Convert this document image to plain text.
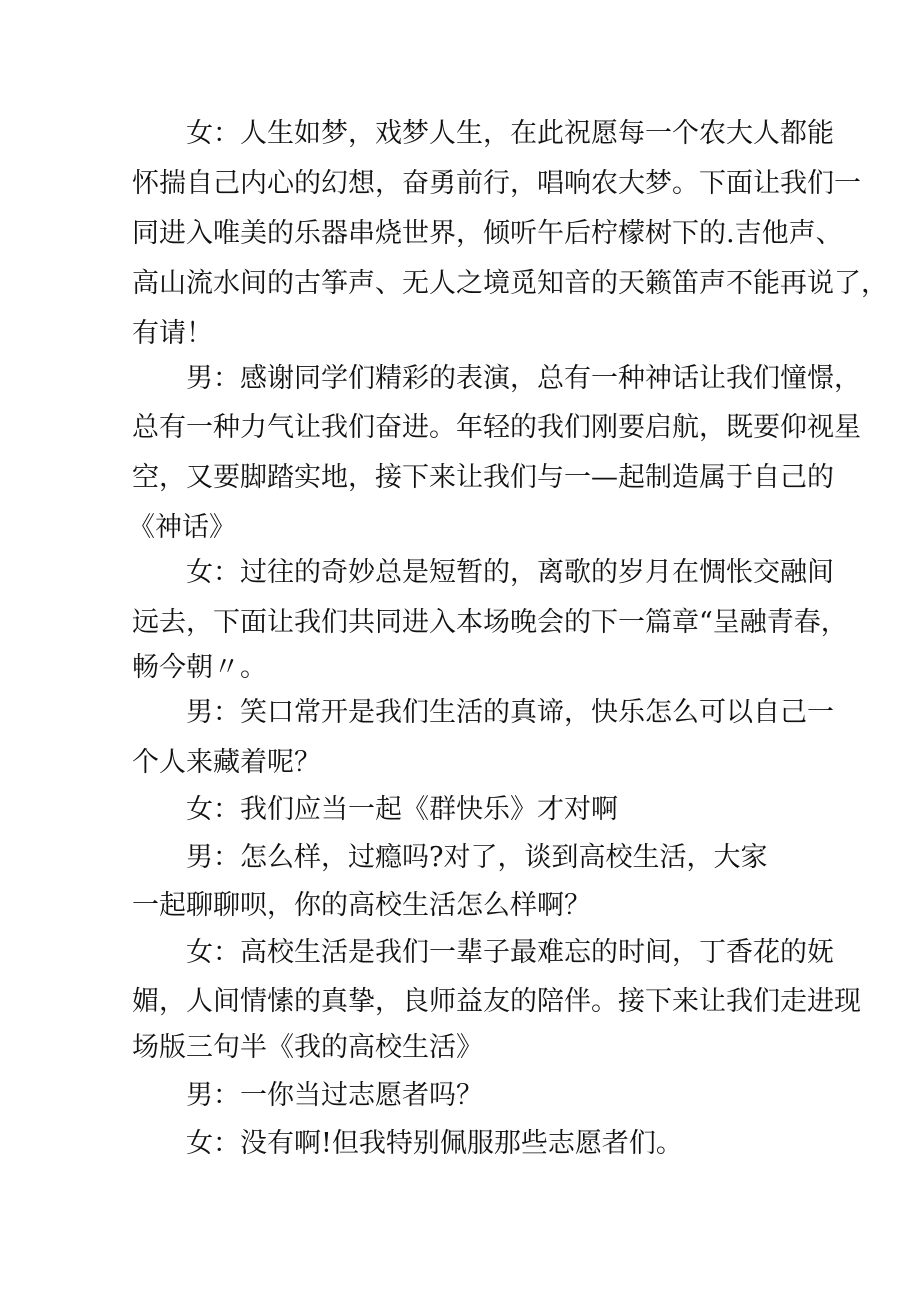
女：人生如梦，戏梦人生，在此祝愿每一个农大人都能
怀揣自己内心的幻想，奋勇前行，唱响农大梦。下面让我们一
同进入唯美的乐器串烧世界，倾听午后柠檬树下的.吉他声、
高山流水间的古筝声、无人之境觅知音的天籁笛声不能再说了，
有请！
男：感谢同学们精彩的表演，总有一种神话让我们憧憬，
总有一种力气让我们奋进。年轻的我们刚要启航，既要仰视星
空，又要脚踏实地，接下来让我们与一—起制造属于自己的
《神话》
女：过往的奇妙总是短暂的，离歌的岁月在惆怅交融间
远去，下面让我们共同进入本场晚会的下一篇章“呈融青春，
畅今朝〃。
男：笑口常开是我们生活的真谛，快乐怎么可以自己一
个人来藏着呢？
女：我们应当一起《群快乐》才对啊
男：怎么样，过瘾吗?对了，谈到高校生活，大家
一起聊聊呗，你的高校生活怎么样啊？
女：高校生活是我们一辈子最难忘的时间，丁香花的妩
媚，人间情愫的真挚，良师益友的陪伴。接下来让我们走进现
场版三句半《我的高校生活》
男：一你当过志愿者吗？
女：没有啊!但我特别佩服那些志愿者们。
